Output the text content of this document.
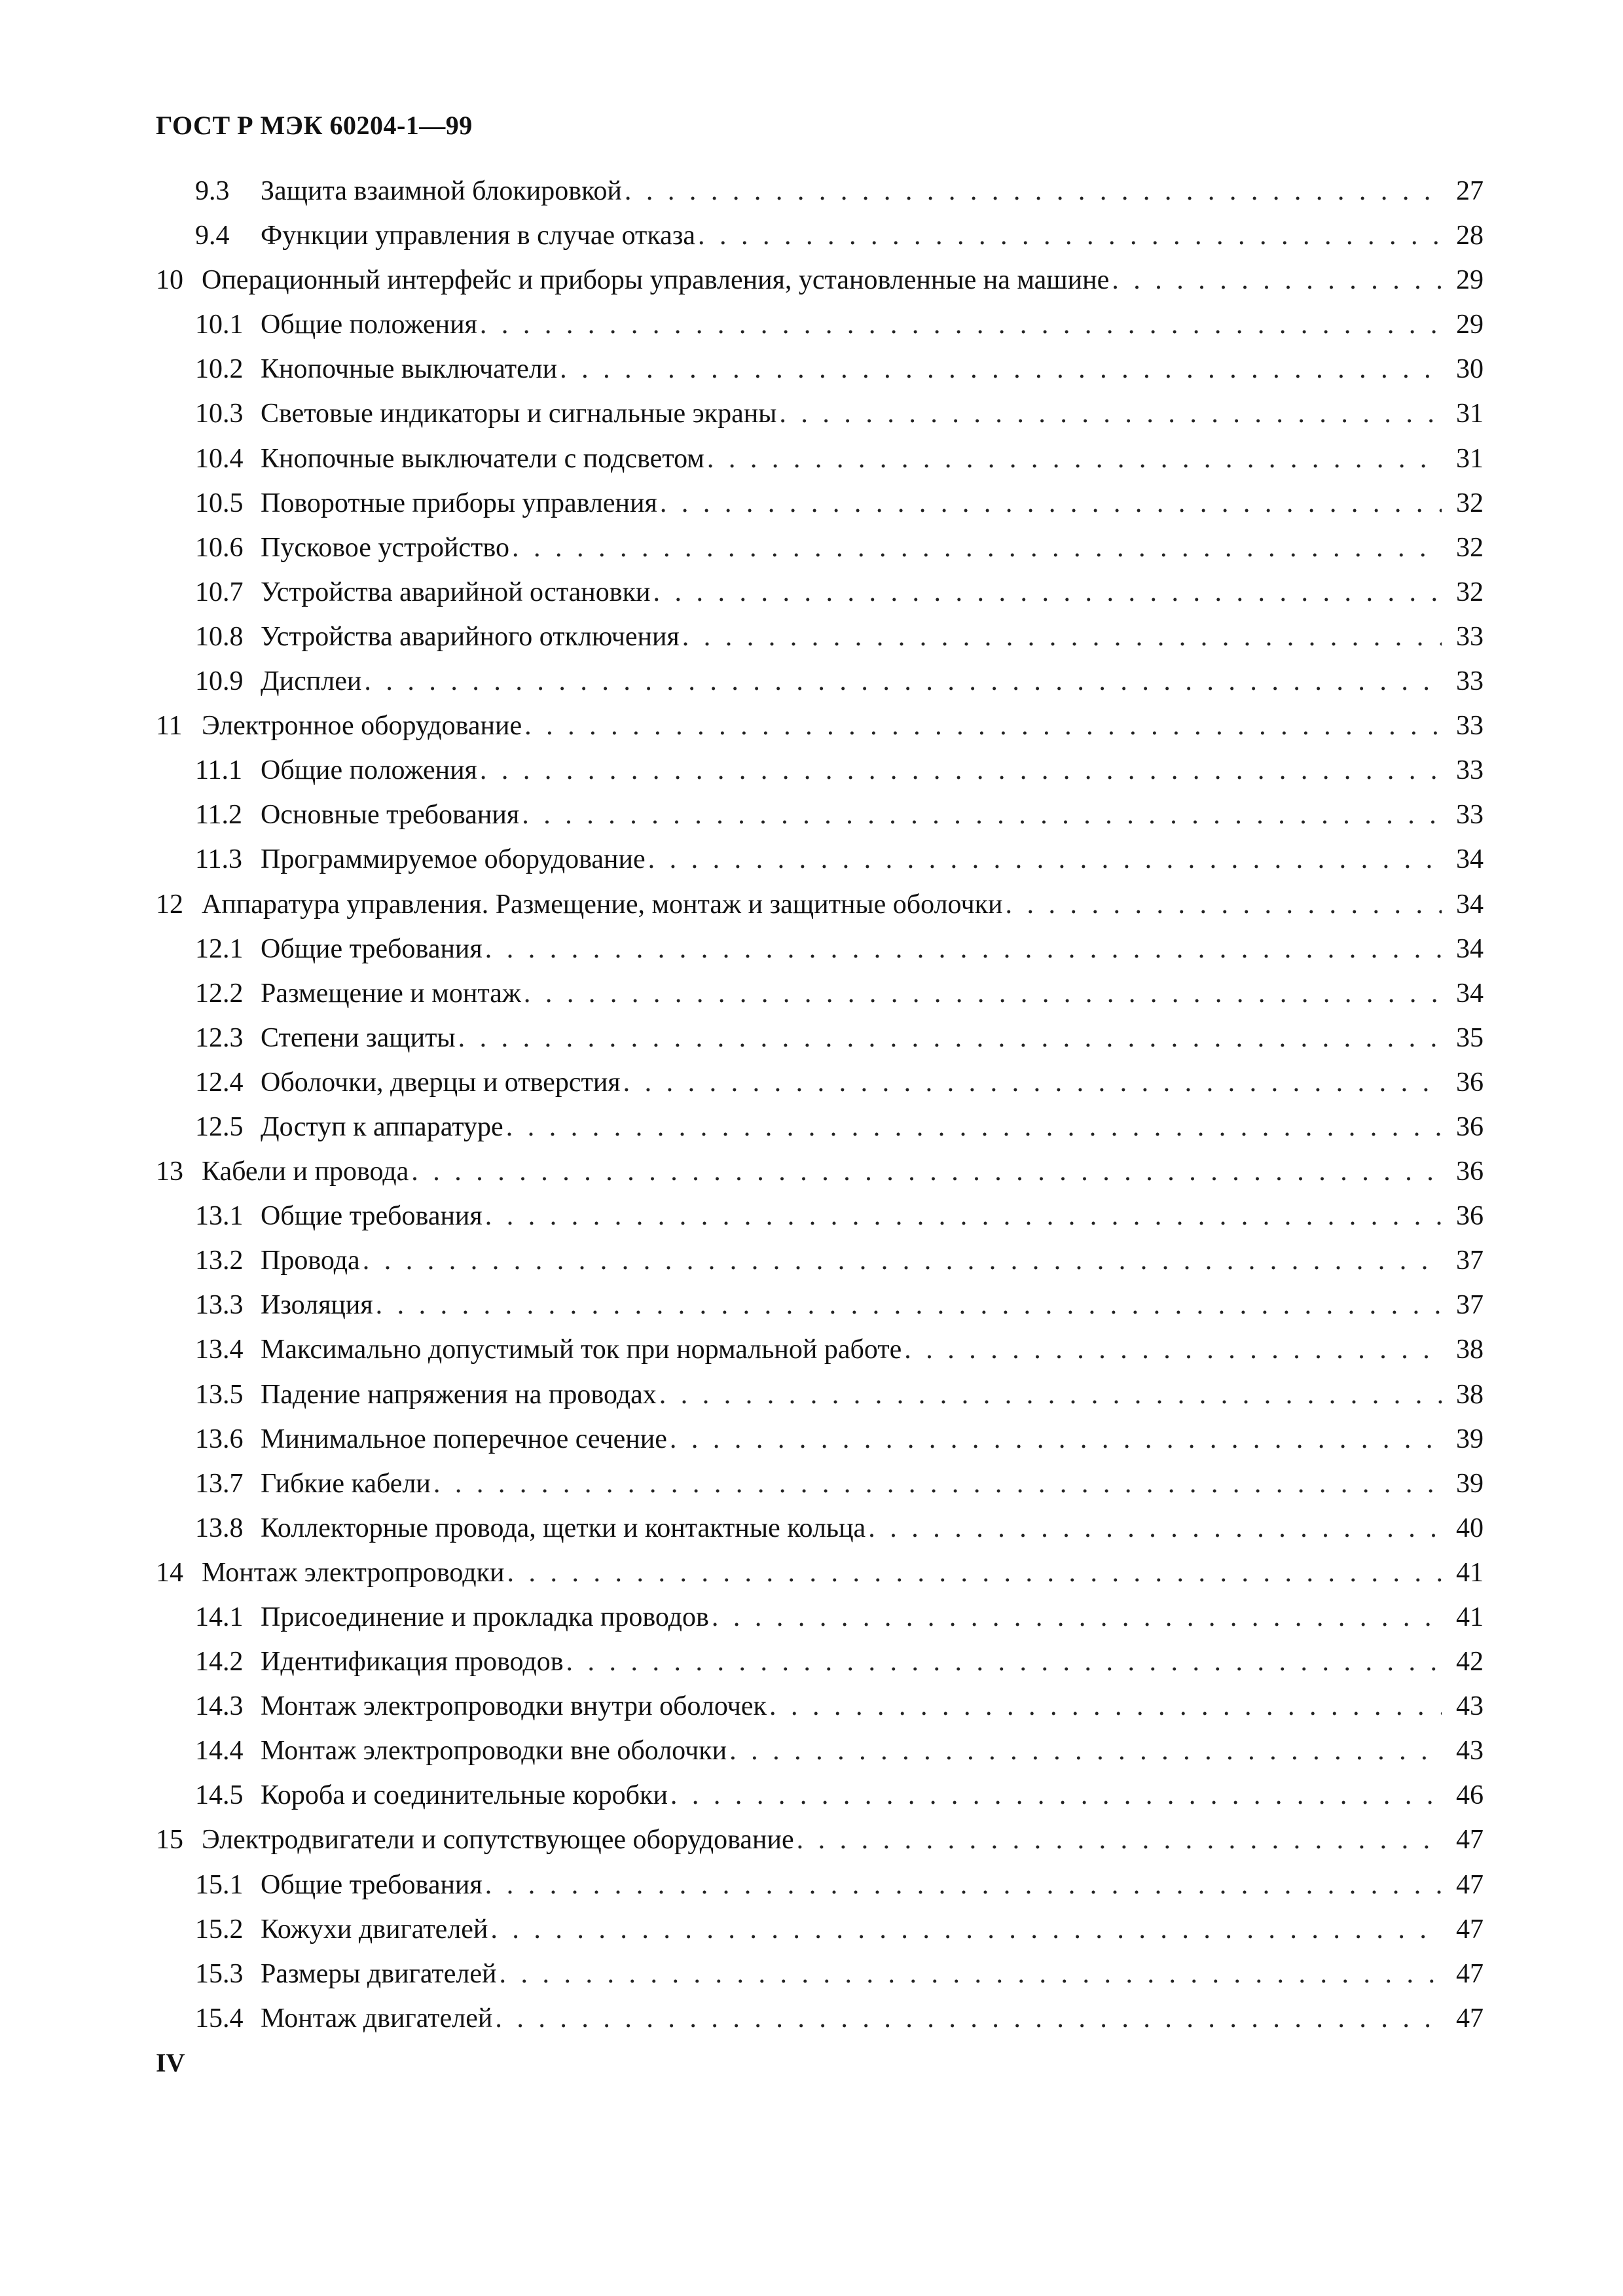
ГОСТ Р МЭК 60204-1—99
9.3	Защита взаимной блокировкой . . .	27
9.4	Функции управления в случае отказа . . .	28
10 Операционный интерфейс и приборы управления, установленные на машине . . .	29
10.1 Общие положения . . .	29
10.2 Кнопочные выключатели . . .	30
10.3 Световые индикаторы и сигнальные экраны . . .	31
10.4 Кнопочные выключатели с подсветом . . .	31
10.5 Поворотные приборы управления . . .	32
10.6 Пусковое устройство . . .	32
10.7 Устройства аварийной остановки . . .	32
10.8 Устройства аварийного отключения . . .	33
10.9 Дисплеи . . .	33
11 Электронное оборудование . . .	33
11.1 Общие положения . . .	33
11.2 Основные требования . . .	33
11.3 Программируемое оборудование . . .	34
12 Аппаратура управления. Размещение, монтаж и защитные оболочки . . .	34
12.1 Общие требования . . .	34
12.2 Размещение и монтаж . . .	34
12.3 Степени защиты . . .	35
12.4 Оболочки, дверцы и отверстия . . .	36
12.5 Доступ к аппаратуре . . .	36
13 Кабели и провода . . .	36
13.1 Общие требования . . .	36
13.2 Провода . . .	37
13.3 Изоляция . . .	37
13.4 Максимально допустимый ток при нормальной работе . . .	38
13.5 Падение напряжения на проводах . . .	38
13.6 Минимальное поперечное сечение . . .	39
13.7 Гибкие кабели . . .	39
13.8 Коллекторные провода, щетки и контактные кольца . . .	40
14 Монтаж электропроводки . . .	41
14.1 Присоединение и прокладка проводов . . .	41
14.2 Идентификация проводов . . .	42
14.3 Монтаж электропроводки внутри оболочек . . .	43
14.4 Монтаж электропроводки вне оболочки . . .	43
14.5 Короба и соединительные коробки . . .	46
15 Электродвигатели и сопутствующее оборудование . . .	47
15.1 Общие требования . . .	47
15.2 Кожухи двигателей . . .	47
15.3 Размеры двигателей . . .	47
15.4 Монтаж двигателей . . .	47
IV
